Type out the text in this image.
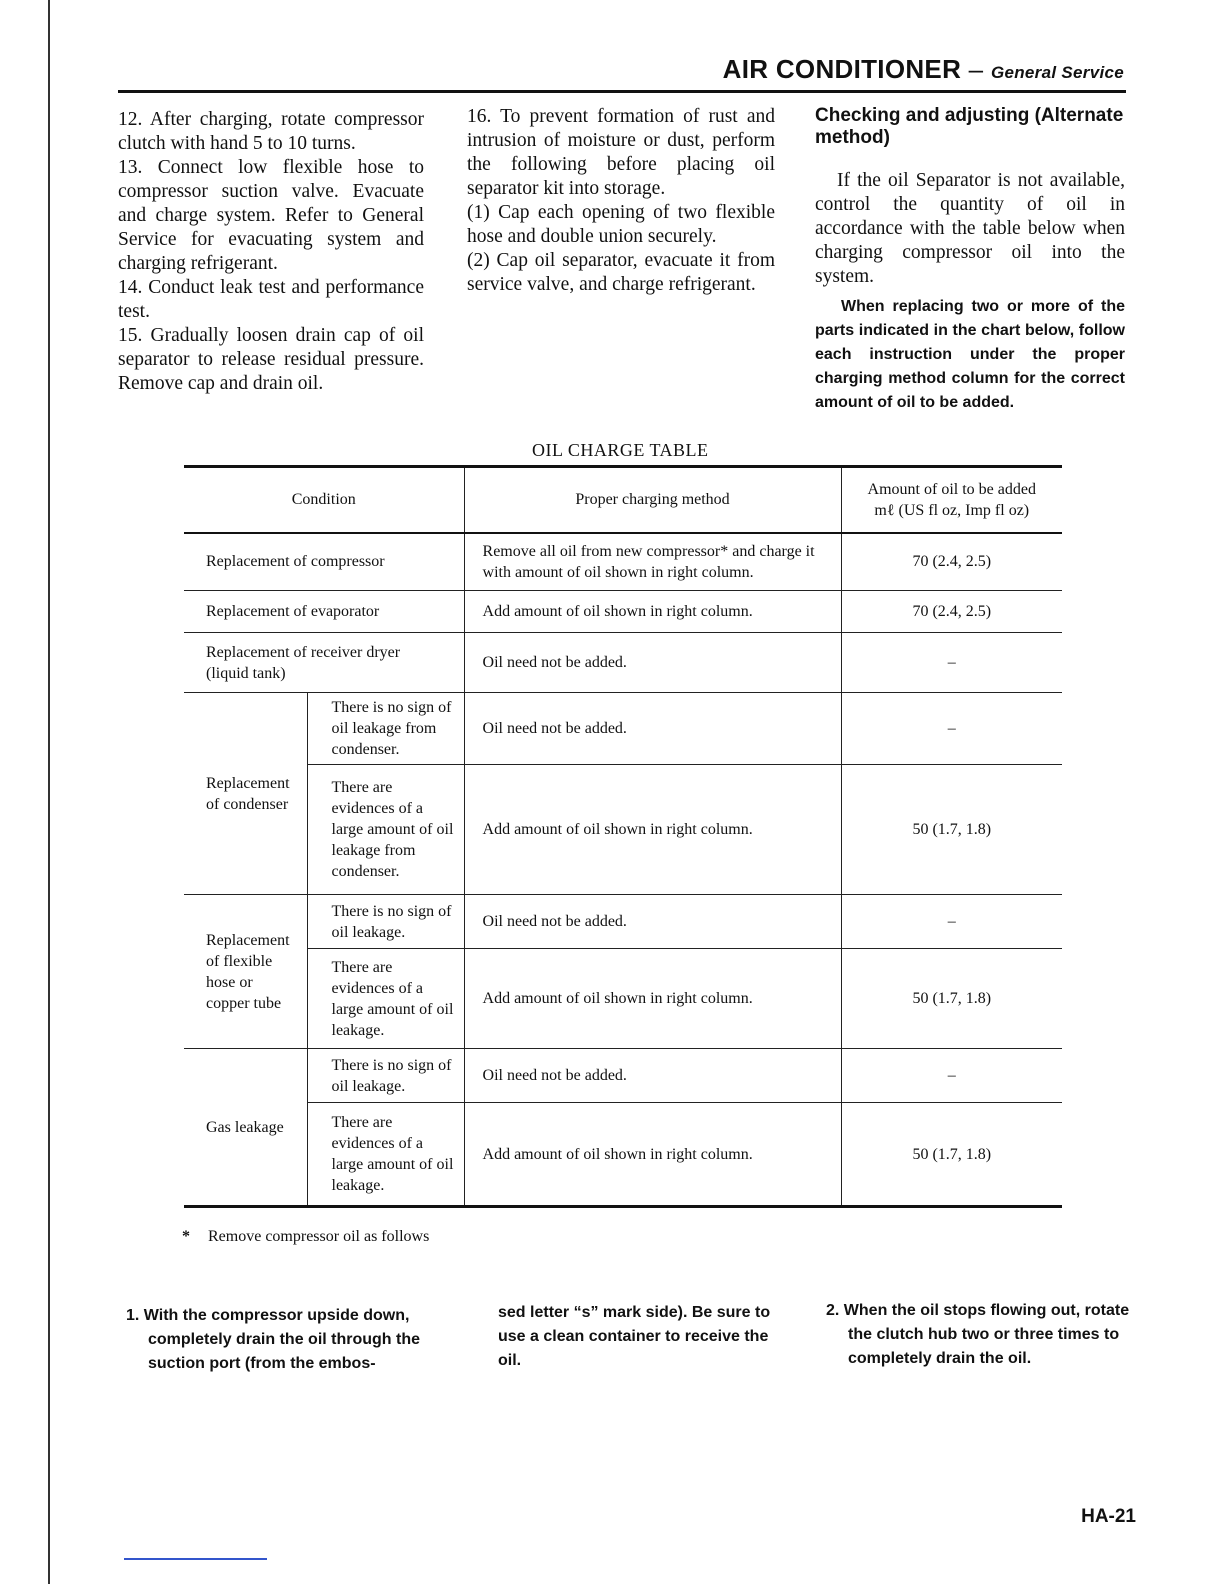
AIR CONDITIONER – General Service

12. After charging, rotate compressor clutch with hand 5 to 10 turns.

13. Connect low flexible hose to compressor suction valve. Evacuate and charge system. Refer to General Service for evacuating system and charging refrigerant.

14. Conduct leak test and performance test.

15. Gradually loosen drain cap of oil separator to release residual pressure. Remove cap and drain oil.

16. To prevent formation of rust and intrusion of moisture or dust, perform the following before placing oil separator kit into storage.

(1) Cap each opening of two flexible hose and double union securely.

(2) Cap oil separator, evacuate it from service valve, and charge refrigerant.

Checking and adjusting (Alternate method)

If the oil Separator is not available, control the quantity of oil in accordance with the table below when charging compressor oil into the system.

When replacing two or more of the parts indicated in the chart below, follow each instruction under the proper charging method column for the correct amount of oil to be added.

OIL CHARGE TABLE
Condition		Proper charging method	Amount of oil to be added
mℓ (US fl oz, Imp fl oz)

Replacement of compressor		Remove all oil from new compressor* and charge it with amount of oil shown in right column.	70 (2.4, 2.5)
Replacement of evaporator		Add amount of oil shown in right column.	70 (2.4, 2.5)
Replacement of receiver dryer (liquid tank)		Oil need not be added.	–
Replacement of condenser	There is no sign of oil leakage from condenser.	Oil need not be added.	–
	There are evidences of a large amount of oil leakage from condenser.	Add amount of oil shown in right column.	50 (1.7, 1.8)
Replacement of flexible hose or copper tube	There is no sign of oil leakage.	Oil need not be added.	–
	There are evidences of a large amount of oil leakage.	Add amount of oil shown in right column.	50 (1.7, 1.8)
Gas leakage	There is no sign of oil leakage.	Oil need not be added.	–
	There are evidences of a large amount of oil leakage.	Add amount of oil shown in right column.	50 (1.7, 1.8)
* Remove compressor oil as follows
1. With the compressor upside down, completely drain the oil through the suction port (from the embos-
sed letter “s” mark side). Be sure to use a clean container to receive the oil.
2. When the oil stops flowing out, rotate the clutch hub two or three times to completely drain the oil.
HA-21
